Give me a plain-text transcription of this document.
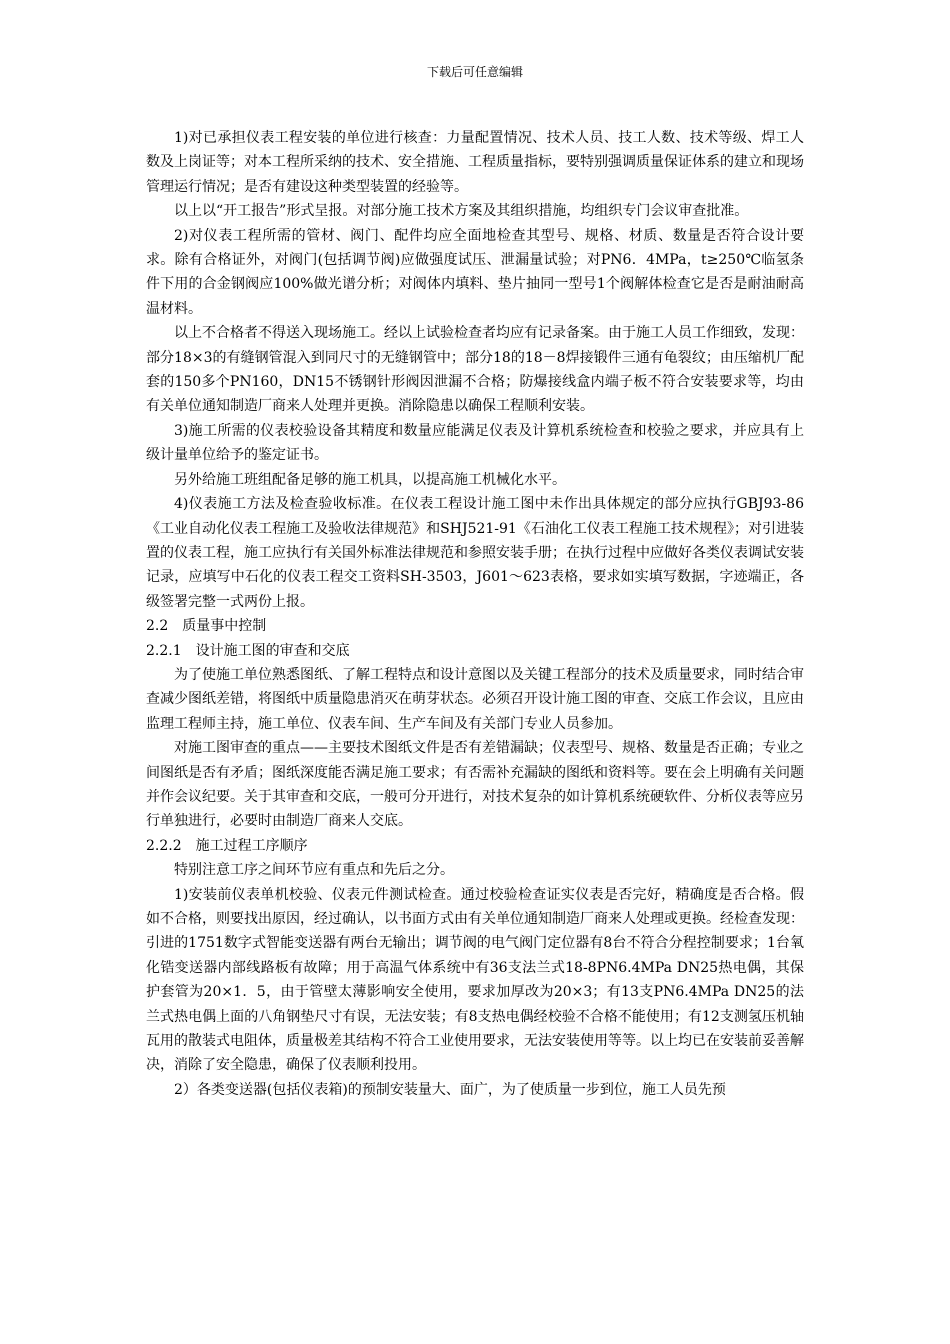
下载后可任意编辑

1)对已承担仪表工程安装的单位进行核查：力量配置情况、技术人员、技工人数、技术等级、焊工人数及上岗证等；对本工程所采纳的技术、安全措施、工程质量指标，要特别强调质量保证体系的建立和现场管理运行情况；是否有建设这种类型装置的经验等。

以上以“开工报告”形式呈报。对部分施工技术方案及其组织措施，均组织专门会议审查批准。

2)对仪表工程所需的管材、阀门、配件均应全面地检查其型号、规格、材质、数量是否符合设计要求。除有合格证外，对阀门(包括调节阀)应做强度试压、泄漏量试验；对PN6．4MPa，t≥250℃临氢条件下用的合金钢阀应100%做光谱分析；对阀体内填料、垫片抽同一型号1个阀解体检查它是否是耐油耐高温材料。

以上不合格者不得送入现场施工。经以上试验检查者均应有记录备案。由于施工人员工作细致，发现：部分18×3的有缝钢管混入到同尺寸的无缝钢管中；部分18的18－8焊接锻件三通有龟裂纹；由压缩机厂配套的150多个PN160，DN15不锈钢针形阀因泄漏不合格；防爆接线盒内端子板不符合安装要求等，均由有关单位通知制造厂商来人处理并更换。消除隐患以确保工程顺利安装。

3)施工所需的仪表校验设备其精度和数量应能满足仪表及计算机系统检查和校验之要求，并应具有上级计量单位给予的鉴定证书。

另外给施工班组配备足够的施工机具，以提高施工机械化水平。

4)仪表施工方法及检查验收标准。在仪表工程设计施工图中未作出具体规定的部分应执行GBJ93-86《工业自动化仪表工程施工及验收法律规范》和SHJ521-91《石油化工仪表工程施工技术规程》；对引进装置的仪表工程，施工应执行有关国外标准法律规范和参照安装手册；在执行过程中应做好各类仪表调试安装记录，应填写中石化的仪表工程交工资料SH-3503，J601～623表格，要求如实填写数据，字迹端正，各级签署完整一式两份上报。

2.2　质量事中控制

2.2.1　设计施工图的审查和交底

为了使施工单位熟悉图纸、了解工程特点和设计意图以及关键工程部分的技术及质量要求，同时结合审查减少图纸差错，将图纸中质量隐患消灭在萌芽状态。必须召开设计施工图的审查、交底工作会议，且应由监理工程师主持，施工单位、仪表车间、生产车间及有关部门专业人员参加。

对施工图审查的重点——主要技术图纸文件是否有差错漏缺；仪表型号、规格、数量是否正确；专业之间图纸是否有矛盾；图纸深度能否满足施工要求；有否需补充漏缺的图纸和资料等。要在会上明确有关问题并作会议纪要。关于其审查和交底，一般可分开进行，对技术复杂的如计算机系统硬软件、分析仪表等应另行单独进行，必要时由制造厂商来人交底。

2.2.2　施工过程工序顺序

特别注意工序之间环节应有重点和先后之分。

1)安装前仪表单机校验、仪表元件测试检查。通过校验检查证实仪表是否完好，精确度是否合格。假如不合格，则要找出原因，经过确认，以书面方式由有关单位通知制造厂商来人处理或更换。经检查发现：引进的1751数字式智能变送器有两台无输出；调节阀的电气阀门定位器有8台不符合分程控制要求；1台氧化锆变送器内部线路板有故障；用于高温气体系统中有36支法兰式18-8PN6.4MPa DN25热电偶，其保护套管为20×1．5，由于管壁太薄影响安全使用，要求加厚改为20×3；有13支PN6.4MPa DN25的法兰式热电偶上面的八角钢垫尺寸有误，无法安装；有8支热电偶经校验不合格不能使用；有12支测氢压机轴瓦用的散装式电阻体，质量极差其结构不符合工业使用要求，无法安装使用等等。以上均已在安装前妥善解决，消除了安全隐患，确保了仪表顺利投用。

2）各类变送器(包括仪表箱)的预制安装量大、面广，为了使质量一步到位，施工人员先预
